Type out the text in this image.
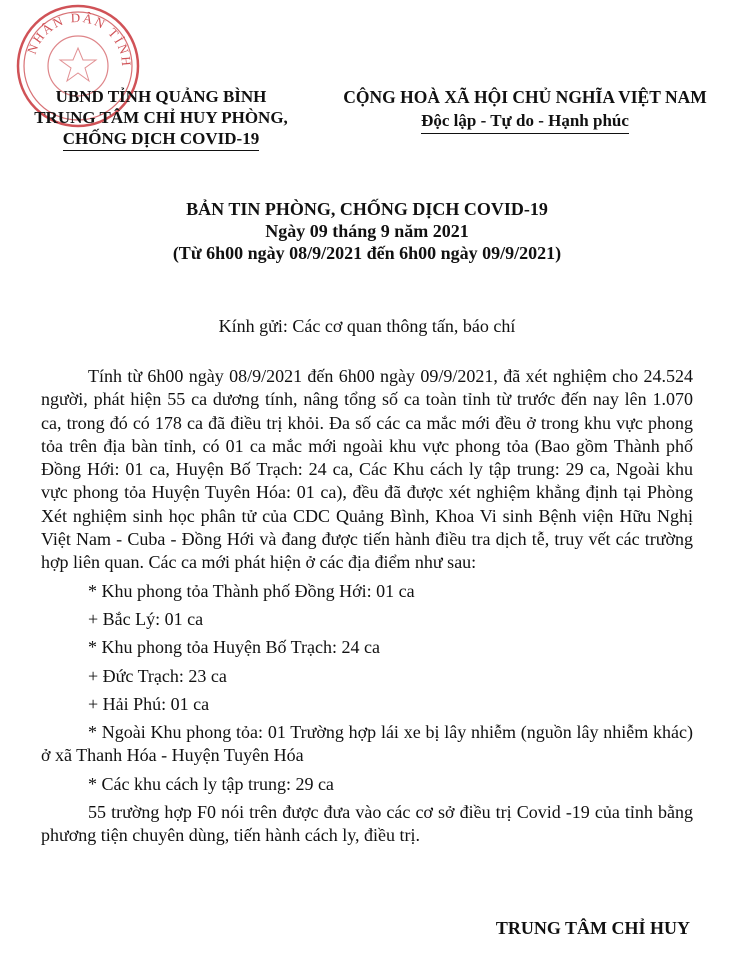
NHÂN DÂN TỈNH
UBND TỈNH QUẢNG BÌNH
TRUNG TÂM CHỈ HUY PHÒNG,
CHỐNG DỊCH COVID-19
CỘNG HOÀ XÃ HỘI CHỦ NGHĨA VIỆT NAM
Độc lập - Tự do - Hạnh phúc
BẢN TIN PHÒNG, CHỐNG DỊCH COVID-19
Ngày 09 tháng 9 năm 2021
(Từ 6h00 ngày 08/9/2021 đến 6h00 ngày 09/9/2021)
Kính gửi: Các cơ quan thông tấn, báo chí

Tính từ 6h00 ngày 08/9/2021 đến 6h00 ngày 09/9/2021, đã xét nghiệm cho 24.524 người, phát hiện 55 ca dương tính, nâng tổng số ca toàn tỉnh từ trước đến nay lên 1.070 ca, trong đó có 178 ca đã điều trị khỏi. Đa số các ca mắc mới đều ở trong khu vực phong tỏa trên địa bàn tỉnh, có 01 ca mắc mới ngoài khu vực phong tỏa (Bao gồm Thành phố Đồng Hới: 01 ca, Huyện Bố Trạch: 24 ca, Các Khu cách ly tập trung: 29 ca, Ngoài khu vực phong tỏa Huyện Tuyên Hóa: 01 ca), đều đã được xét nghiệm khẳng định tại Phòng Xét nghiệm sinh học phân tử của CDC Quảng Bình, Khoa Vi sinh Bệnh viện Hữu Nghị Việt Nam - Cuba - Đồng Hới và đang được tiến hành điều tra dịch tễ, truy vết các trường hợp liên quan. Các ca mới phát hiện ở các địa điểm như sau:

* Khu phong tỏa Thành phố Đồng Hới: 01 ca

+ Bắc Lý: 01 ca

* Khu phong tỏa Huyện Bố Trạch: 24 ca

+ Đức Trạch: 23 ca

+ Hải Phú: 01 ca

* Ngoài Khu phong tỏa: 01 Trường hợp lái xe bị lây nhiễm (nguồn lây nhiễm khác) ở xã Thanh Hóa - Huyện Tuyên Hóa

* Các khu cách ly tập trung: 29 ca

55 trường hợp F0 nói trên được đưa vào các cơ sở điều trị Covid -19 của tỉnh bằng phương tiện chuyên dùng, tiến hành cách ly, điều trị.

TRUNG TÂM CHỈ HUY
